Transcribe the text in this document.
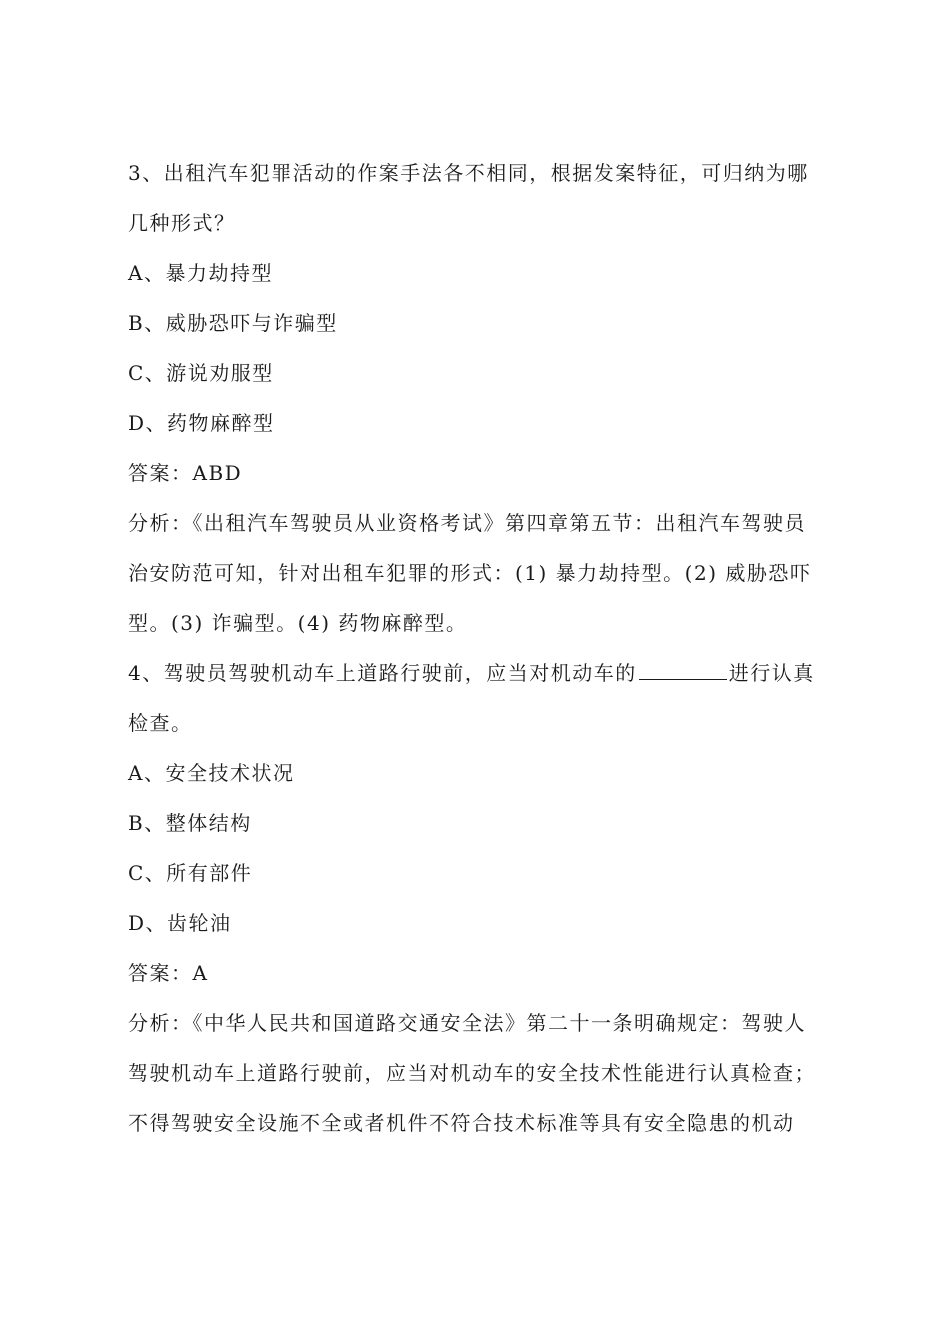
3、出租汽车犯罪活动的作案手法各不相同，根据发案特征，可归纳为哪
几种形式？
A、暴力劫持型
B、威胁恐吓与诈骗型
C、游说劝服型
D、药物麻醉型
答案：ABD
分析：《出租汽车驾驶员从业资格考试》第四章第五节：出租汽车驾驶员
治安防范可知，针对出租车犯罪的形式：(1) 暴力劫持型。(2) 威胁恐吓
型。(3) 诈骗型。(4) 药物麻醉型。
4、驾驶员驾驶机动车上道路行驶前，应当对机动车的	进行认真
检查。
A、安全技术状况
B、整体结构
C、所有部件
D、齿轮油
答案：A
分析：《中华人民共和国道路交通安全法》第二十一条明确规定：驾驶人
驾驶机动车上道路行驶前，应当对机动车的安全技术性能进行认真检查；
不得驾驶安全设施不全或者机件不符合技术标准等具有安全隐患的机动
